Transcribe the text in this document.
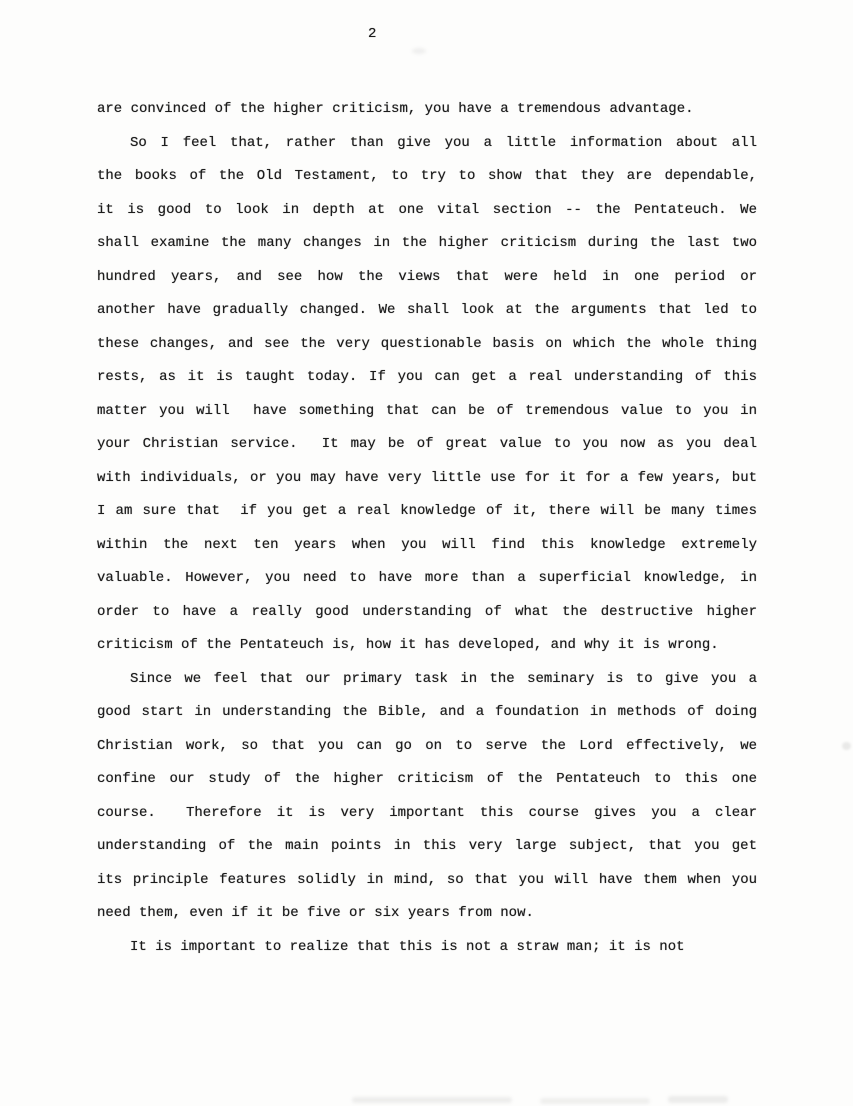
2
are convinced of the higher criticism, you have a tremendous advantage.
So I feel that, rather than give you a little information about all
the books of the Old Testament, to try to show that they are dependable,
it is good to look in depth at one vital section -- the Pentateuch. We
shall examine the many changes in the higher criticism during the last two
hundred years, and see how the views that were held in one period or
another have gradually changed. We shall look at the arguments that led to
these changes, and see the very questionable basis on which the whole thing
rests, as it is taught today. If you can get a real understanding of this
matter you will  have something that can be of tremendous value to you in
your Christian service.  It may be of great value to you now as you deal
with individuals, or you may have very little use for it for a few years, but
I am sure that  if you get a real knowledge of it, there will be many times
within the next ten years when you will find this knowledge extremely
valuable. However, you need to have more than a superficial knowledge, in
order to have a really good understanding of what the destructive higher
criticism of the Pentateuch is, how it has developed, and why it is wrong.
Since we feel that our primary task in the seminary is to give you a
good start in understanding the Bible, and a foundation in methods of doing
Christian work, so that you can go on to serve the Lord effectively, we
confine our study of the higher criticism of the Pentateuch to this one
course.  Therefore it is very important this course gives you a clear
understanding of the main points in this very large subject, that you get
its principle features solidly in mind, so that you will have them when you
need them, even if it be five or six years from now.
It is important to realize that this is not a straw man; it is not
